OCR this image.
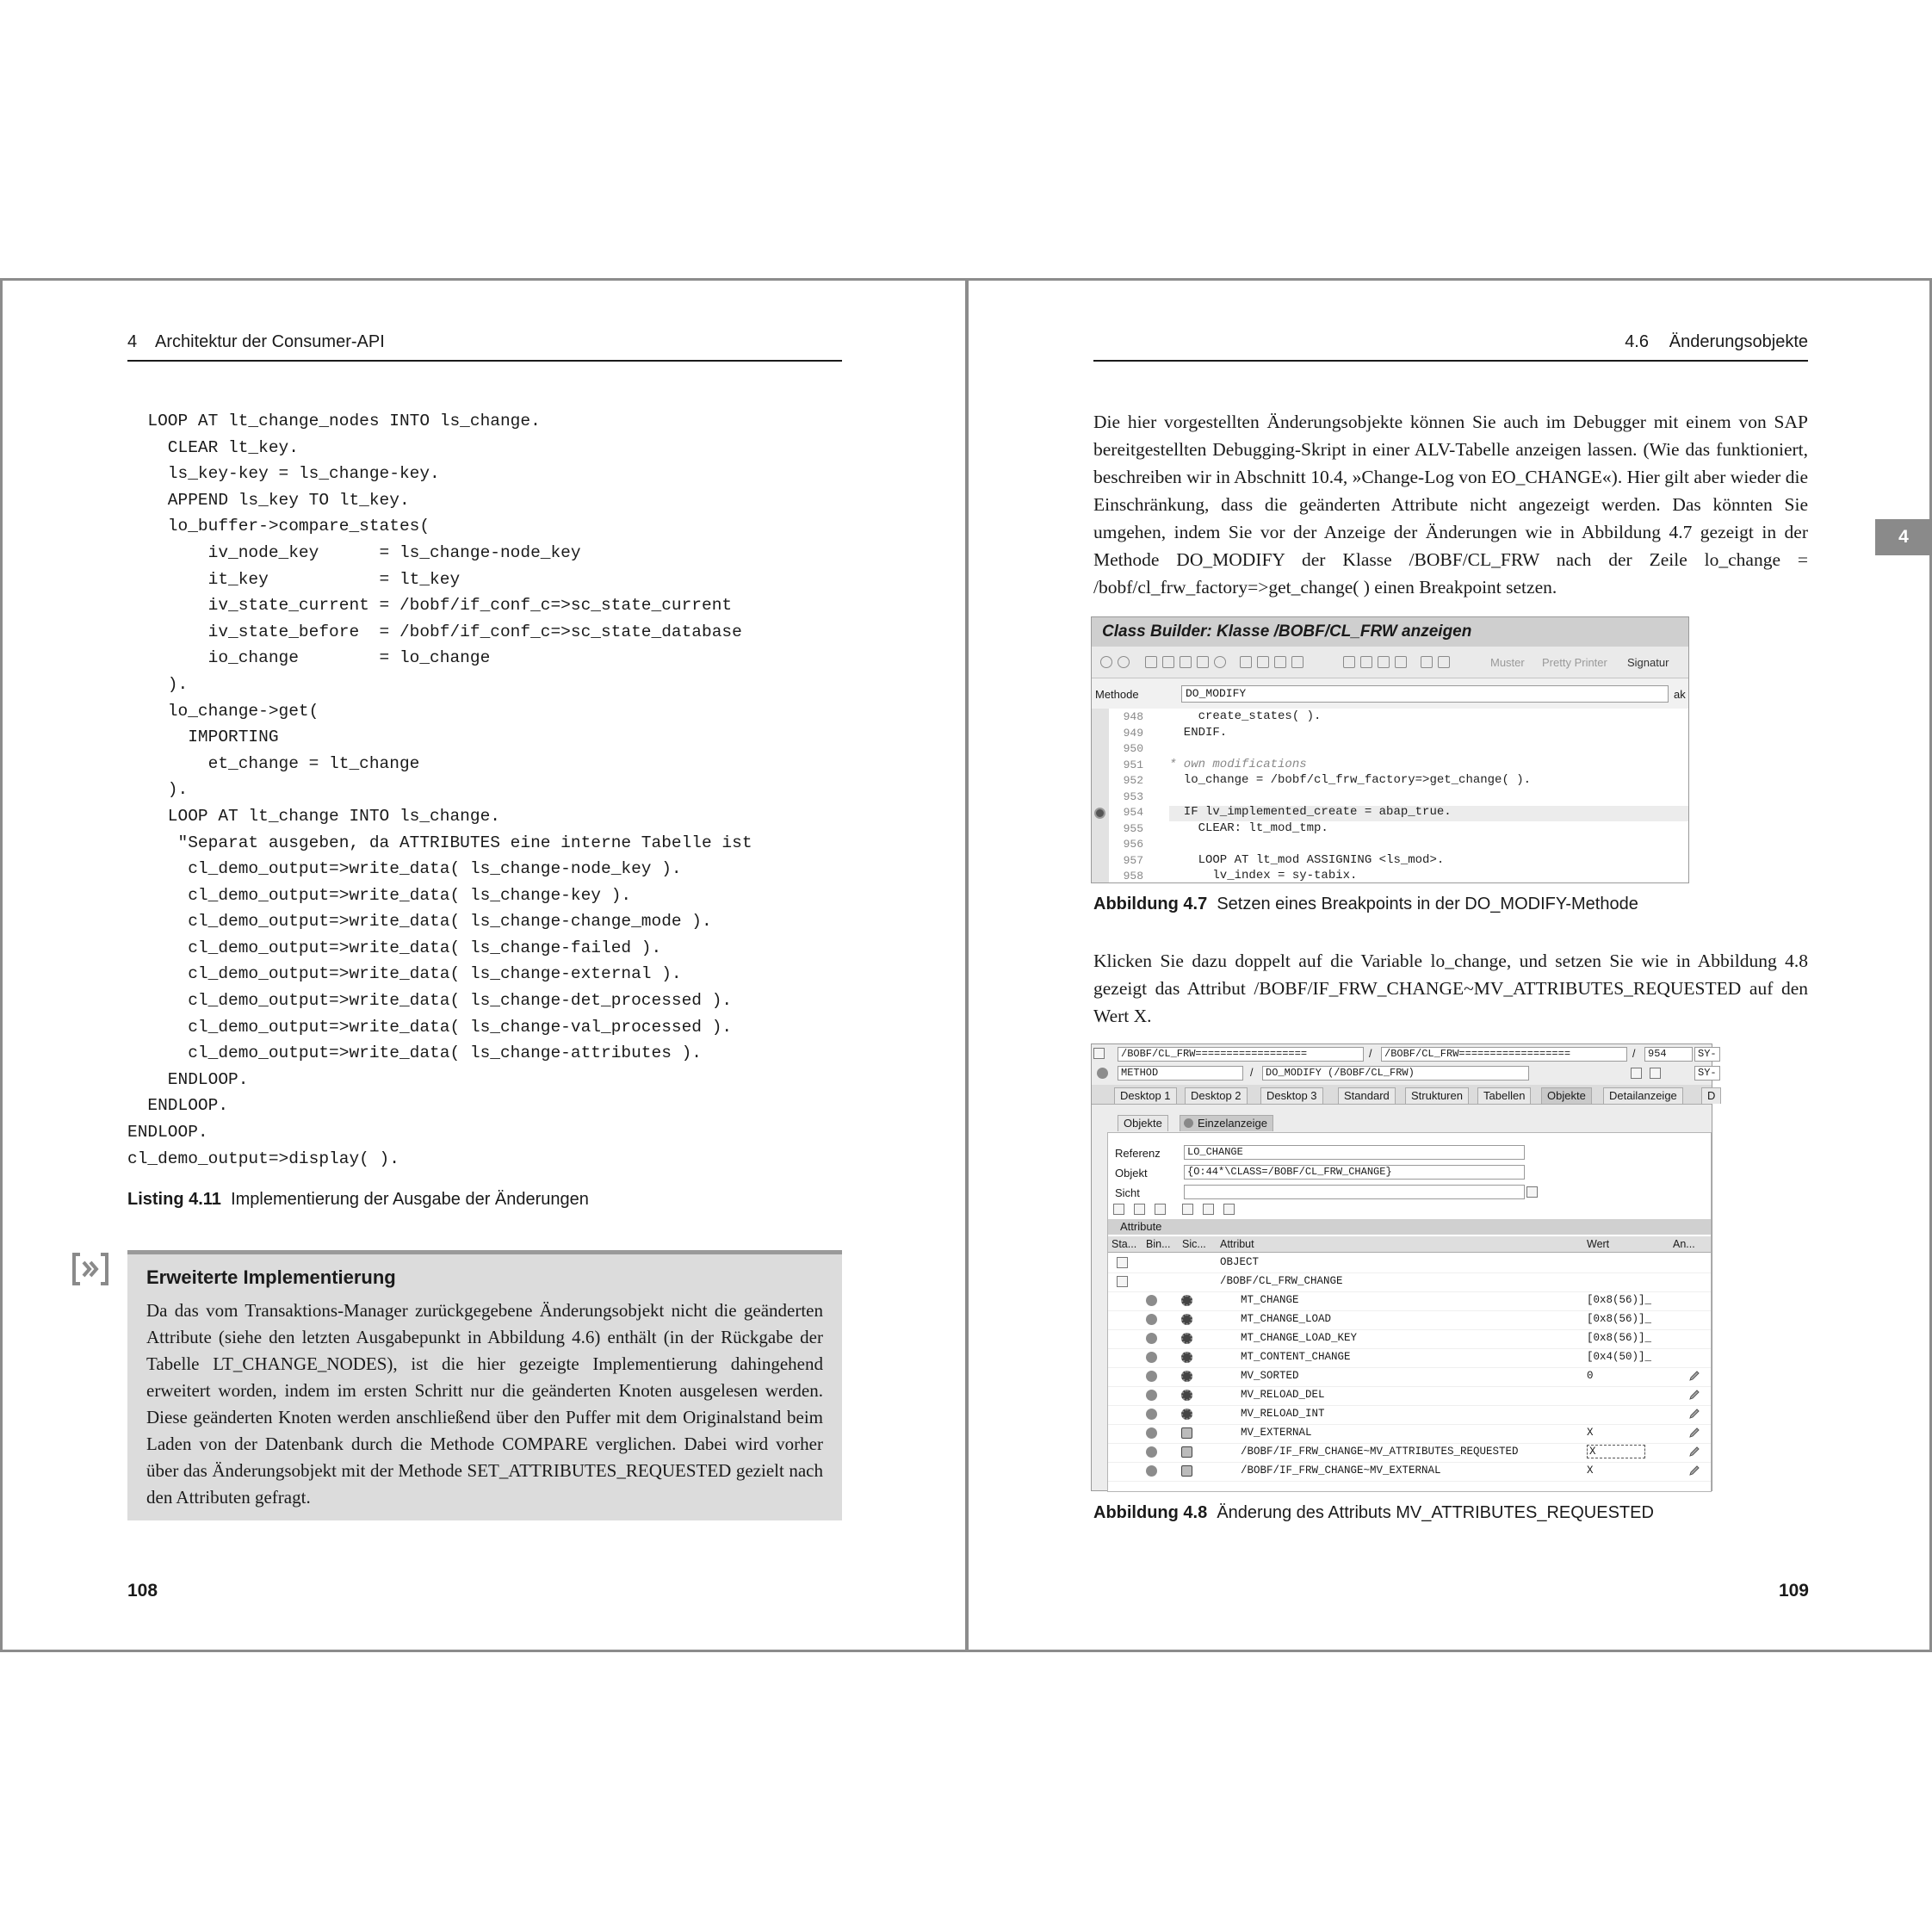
4 Architektur der Consumer-API
LOOP AT lt_change_nodes INTO ls_change.
CLEAR lt_key.
ls_key-key = ls_change-key.
APPEND ls_key TO lt_key.
lo_buffer->compare_states(
iv_node_key      = ls_change-node_key
it_key           = lt_key
iv_state_current = /bobf/if_conf_c=>sc_state_current
iv_state_before  = /bobf/if_conf_c=>sc_state_database
io_change        = lo_change
).
lo_change->get(
IMPORTING
et_change = lt_change
).
LOOP AT lt_change INTO ls_change.
"Separat ausgeben, da ATTRIBUTES eine interne Tabelle ist
cl_demo_output=>write_data( ls_change-node_key ).
cl_demo_output=>write_data( ls_change-key ).
cl_demo_output=>write_data( ls_change-change_mode ).
cl_demo_output=>write_data( ls_change-failed ).
cl_demo_output=>write_data( ls_change-external ).
cl_demo_output=>write_data( ls_change-det_processed ).
cl_demo_output=>write_data( ls_change-val_processed ).
cl_demo_output=>write_data( ls_change-attributes ).
ENDLOOP.
ENDLOOP.
ENDLOOP.
cl_demo_output=>display( ).
Listing 4.11 Implementierung der Ausgabe der Änderungen
Erweiterte Implementierung

Da das vom Transaktions-Manager zurückgegebene Änderungsobjekt nicht die geänderten Attribute (siehe den letzten Ausgabepunkt in Abbildung 4.6) enthält (in der Rückgabe der Tabelle LT_CHANGE_NODES), ist die hier gezeigte Implementierung dahingehend erweitert worden, indem im ersten Schritt nur die geänderten Knoten ausgelesen werden. Diese geänderten Knoten werden anschließend über den Puffer mit dem Originalstand beim Laden von der Datenbank durch die Methode COMPARE verglichen. Dabei wird vorher über das Änderungsobjekt mit der Methode SET_ATTRIBUTES_REQUESTED gezielt nach den Attributen gefragt.

108
4.6 Änderungsobjekte
Die hier vorgestellten Änderungsobjekte können Sie auch im Debugger mit einem von SAP bereitgestellten Debugging-Skript in einer ALV-Tabelle anzeigen lassen. (Wie das funktioniert, beschreiben wir in Abschnitt 10.4, »Change-Log von EO_CHANGE«). Hier gilt aber wieder die Einschränkung, dass die geänderten Attribute nicht angezeigt werden. Das könnten Sie umgehen, indem Sie vor der Anzeige der Änderungen wie in Abbildung 4.7 gezeigt in der Methode DO_MODIFY der Klasse /BOBF/CL_FRW nach der Zeile lo_change = /bobf/cl_frw_factory=>get_change( ) einen Breakpoint setzen.
Abbildung 4.7 Setzen eines Breakpoints in der DO_MODIFY-Methode
Klicken Sie dazu doppelt auf die Variable lo_change, und setzen Sie wie in Abbildung 4.8 gezeigt das Attribut /BOBF/IF_FRW_CHANGE~MV_ATTRIBUTES_REQUESTED auf den Wert X.
Abbildung 4.8 Änderung des Attributs MV_ATTRIBUTES_REQUESTED
109
4
Class Builder: Klasse /BOBF/CL_FRW anzeigen
Muster Pretty Printer Signatur
Methode	DO_MODIFY	ak
948 create_states( ).
949 ENDIF.
950
951 * own modifications
952 lo_change = /bobf/cl_frw_factory=>get_change( ).
953
954 IF lv_implemented_create = abap_true.
955 CLEAR: lt_mod_tmp.
956
957 LOOP AT lt_mod ASSIGNING <ls_mod>.
958 lv_index = sy-tabix.
/BOBF/CL_FRW==================	/	/BOBF/CL_FRW==================	/	954	SY-
METHOD	/	DO_MODIFY (/BOBF/CL_FRW)	SY-
Desktop 1	Desktop 2	Desktop 3	Standard	Strukturen	Tabellen	Objekte	Detailanzeige	D
Objekte	Einzelanzeige
Referenz	LO_CHANGE
Objekt	{O:44*\CLASS=/BOBF/CL_FRW_CHANGE}
Sicht
Attribute
Sta... Bin... Sic... Attribut	Wert	An...
OBJECT
/BOBF/CL_FRW_CHANGE
MT_CHANGE	[0x8(56)]_
MT_CHANGE_LOAD	[0x8(56)]_
MT_CHANGE_LOAD_KEY	[0x8(56)]_
MT_CONTENT_CHANGE	[0x4(50)]_
MV_SORTED	0
MV_RELOAD_DEL
MV_RELOAD_INT
MV_EXTERNAL	X
/BOBF/IF_FRW_CHANGE~MV_ATTRIBUTES_REQUESTED	X
/BOBF/IF_FRW_CHANGE~MV_EXTERNAL	X
